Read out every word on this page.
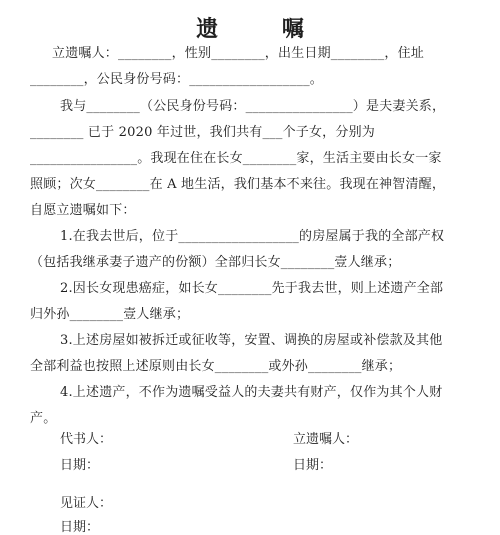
遗 嘱
立遗嘱人：________，性别________，出生日期________，住址
________，公民身份号码：__________________。
我与________（公民身份号码：________________）是夫妻关系，
________ 已于 2020 年过世，我们共有___个子女，分别为
________________。我现在住在长女________家，生活主要由长女一家
照顾；次女________在 A 地生活，我们基本不来往。我现在神智清醒，
自愿立遗嘱如下：
1.在我去世后，位于__________________的房屋属于我的全部产权
（包括我继承妻子遗产的份额）全部归长女________壹人继承；
2.因长女现患癌症，如长女________先于我去世，则上述遗产全部
归外孙________壹人继承；
3.上述房屋如被拆迁或征收等，安置、调换的房屋或补偿款及其他
全部利益也按照上述原则由长女________或外孙________继承；
4.上述遗产，不作为遗嘱受益人的夫妻共有财产，仅作为其个人财
产。
代书人：	立遗嘱人：
日期：	日期：
见证人：
日期：
